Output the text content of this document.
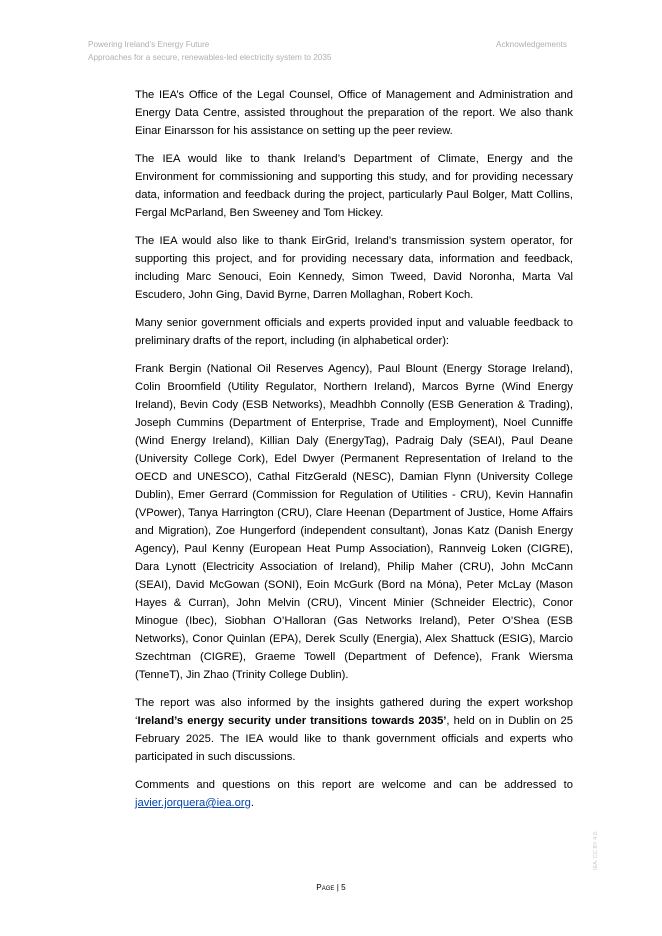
Powering Ireland’s Energy Future
Approaches for a secure, renewables-led electricity system to 2035
Acknowledgements

The IEA’s Office of the Legal Counsel, Office of Management and Administration and Energy Data Centre, assisted throughout the preparation of the report. We also thank Einar Einarsson for his assistance on setting up the peer review.

The IEA would like to thank Ireland’s Department of Climate, Energy and the Environment for commissioning and supporting this study, and for providing necessary data, information and feedback during the project, particularly Paul Bolger, Matt Collins, Fergal McParland, Ben Sweeney and Tom Hickey.

The IEA would also like to thank EirGrid, Ireland’s transmission system operator, for supporting this project, and for providing necessary data, information and feedback, including Marc Senouci, Eoin Kennedy, Simon Tweed, David Noronha, Marta Val Escudero, John Ging, David Byrne, Darren Mollaghan, Robert Koch.

Many senior government officials and experts provided input and valuable feedback to preliminary drafts of the report, including (in alphabetical order):

Frank Bergin (National Oil Reserves Agency), Paul Blount (Energy Storage Ireland), Colin Broomfield (Utility Regulator, Northern Ireland), Marcos Byrne (Wind Energy Ireland), Bevin Cody (ESB Networks), Meadhbh Connolly (ESB Generation & Trading), Joseph Cummins (Department of Enterprise, Trade and Employment), Noel Cunniffe (Wind Energy Ireland), Killian Daly (EnergyTag), Padraig Daly (SEAI), Paul Deane (University College Cork), Edel Dwyer (Permanent Representation of Ireland to the OECD and UNESCO), Cathal FitzGerald (NESC), Damian Flynn (University College Dublin), Emer Gerrard (Commission for Regulation of Utilities - CRU), Kevin Hannafin (VPower), Tanya Harrington (CRU), Clare Heenan (Department of Justice, Home Affairs and Migration), Zoe Hungerford (independent consultant), Jonas Katz (Danish Energy Agency), Paul Kenny (European Heat Pump Association), Rannveig Loken (CIGRE), Dara Lynott (Electricity Association of Ireland), Philip Maher (CRU), John McCann (SEAI), David McGowan (SONI), Eoin McGurk (Bord na Móna), Peter McLay (Mason Hayes & Curran), John Melvin (CRU), Vincent Minier (Schneider Electric), Conor Minogue (Ibec), Siobhan O’Halloran (Gas Networks Ireland), Peter O’Shea (ESB Networks), Conor Quinlan (EPA), Derek Scully (Energia), Alex Shattuck (ESIG), Marcio Szechtman (CIGRE), Graeme Towell (Department of Defence), Frank Wiersma (TenneT), Jin Zhao (Trinity College Dublin).

The report was also informed by the insights gathered during the expert workshop ‘Ireland’s energy security under transitions towards 2035’, held on in Dublin on 25 February 2025. The IEA would like to thank government officials and experts who participated in such discussions.

Comments and questions on this report are welcome and can be addressed to javier.jorquera@iea.org.

Page | 5
IEA. CC BY 4.0.
